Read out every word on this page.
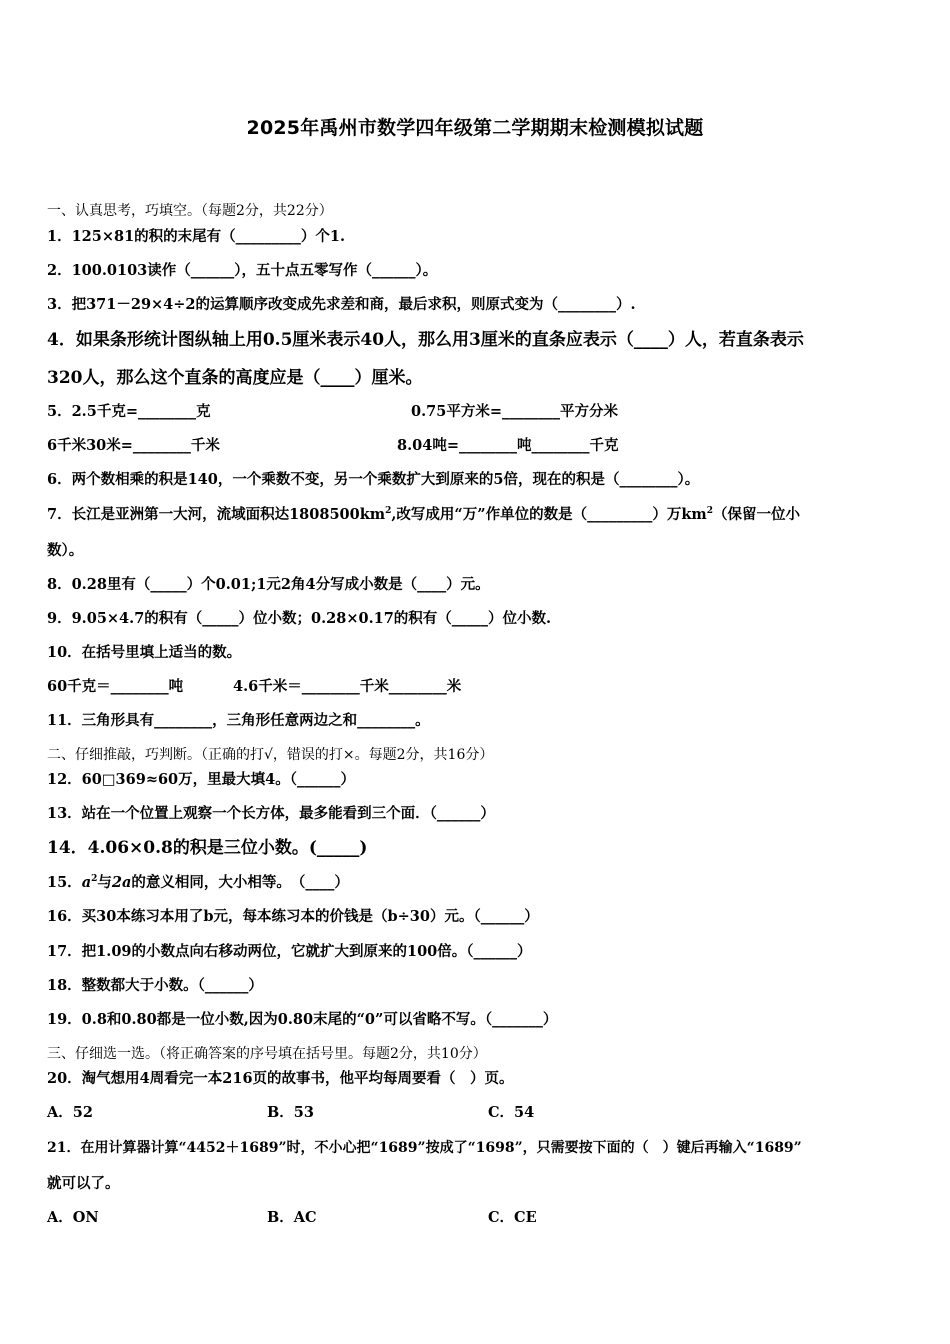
2025年禹州市数学四年级第二学期期末检测模拟试题
一、认真思考，巧填空。（每题2分，共22分）
1．125×81的积的末尾有（_________）个1.
2．100.0103读作（______），五十点五零写作（______）。
3．把371－29×4÷2的运算顺序改变成先求差和商，最后求积，则原式变为（________）.
4．如果条形统计图纵轴上用0.5厘米表示40人，那么用3厘米的直条应表示（____）人，若直条表示
320人，那么这个直条的高度应是（____）厘米。
5．2.5千克=________克	0.75平方米=________平方分米
6千米30米=________千米	8.04吨=________吨________千克
6．两个数相乘的积是140，一个乘数不变，另一个乘数扩大到原来的5倍，现在的积是（________）。
7．长江是亚洲第一大河，流域面积达$1808500km^2$,改写成用“万”作单位的数是（_________）万$km^2$（保留一位小
数）。
8．0.28里有（_____）个0.01;1元2角4分写成小数是（____）元。
9．9.05×4.7的积有（_____）位小数；0.28×0.17的积有（_____）位小数.
10．在括号里填上适当的数。
60千克＝________吨	4.6千米＝________千米________米
11．三角形具有________，三角形任意两边之和________。
二、仔细推敲，巧判断。（正确的打√，错误的打×。每题2分，共16分）
12．60□369≈60万，里最大填4。（______）
13．站在一个位置上观察一个长方体，最多能看到三个面．（______）
14．4.06×0.8的积是三位小数。(_____)
15．$a^2$与2a的意义相同，大小相等。　（____）
16．买30本练习本用了b元，每本练习本的价钱是（b÷30）元。（______）
17．把1.09的小数点向右移动两位，它就扩大到原来的100倍。（______）
18．整数都大于小数。（______）
19．0.8和0.80都是一位小数,因为0.80末尾的“0”可以省略不写。（_______）
三、仔细选一选。（将正确答案的序号填在括号里。每题2分，共10分）
20．淘气想用4周看完一本216页的故事书，他平均每周要看（　）页。
A．52	B．53	C．54
21．在用计算器计算“4452＋1689”时，不小心把“1689”按成了“1698”，只需要按下面的（　）键后再输入“1689”
就可以了。
A．ON	B．AC	C．CE
